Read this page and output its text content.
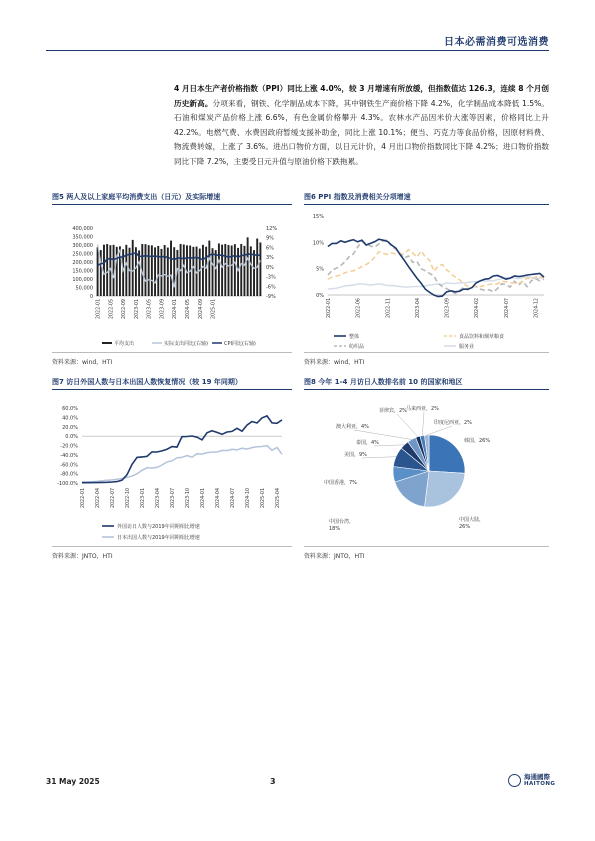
日本必需消费可选消费
4 月日本生产者价格指数（PPI）同比上涨 4.0%，较 3 月增速有所放缓，但指数值达 126.3，连续 8 个月创历史新高。分项来看，钢铁、化学制品成本下降，其中钢铁生产商价格下降 4.2%，化学制品成本降低 1.5%。石油和煤炭产品价格上涨 6.6%，有色金属价格攀升 4.3%。农林水产品因米价大涨等因素，价格同比上升 42.2%。电燃气费、水费因政府暂缓支援补助金，同比上涨 10.1%；便当、巧克力等食品价格，因原材料费、物流费转嫁，上涨了 3.6%。进出口物价方面，以日元计价，4 月出口物价指数同比下降 4.2%；进口物价指数同比下降 7.2%，主要受日元升值与原油价格下跌拖累。
图5 两人及以上家庭平均消费支出（日元）及实际增速
400,000
350,000
300,000
250,000
200,000
150,000
100,000
50,000
0
12%
9%
6%
3%
0%
-3%
-6%
-9%
2022-01 2022-05 2022-09 2023-01 2023-05 2023-09 2024-01 2024-05 2024-09 2025-01
平均支出	实际支出同比(右轴)	CPI同比(右轴)
资料来源：wind，HTI
图6 PPI 指数及消费相关分项增速
15%
10%
5%
0%
2022-01	2022-06	2022-11	2023-04	2023-09	2024-02	2024-07	2024-12
整体	食品饮料和烟草粮食
纺织品	服务业
资料来源：wind，HTI
图7 访日外国人数与日本出国人数恢复情况（较 19 年同期）
60.0%
40.0%
20.0%
0.0%
-20.0%
-40.0%
-60.0%
-80.0%
-100.0%
2022-01 2022-04 2022-07 2022-10 2023-01 2023-04 2023-07 2023-10 2024-01 2024-04 2024-07 2024-10 2025-01 2025-04
外国访日人数与2019年同期相比增速
日本出国人数与2019年同期相比增速
资料来源：JNTO，HTI
图8 今年 1-4 月访日人数排名前 10 的国家和地区
韩国，26%
中国大陆， 26%
中国台湾， 18%
中国香港，7%
美国，9%
泰国，4%
澳大利亚，4%
菲律宾，2% 马来西亚，2%
印度尼西亚，2%
资料来源：JNTO，HTI
31 May 2025	3	海通國際
HAITONG
